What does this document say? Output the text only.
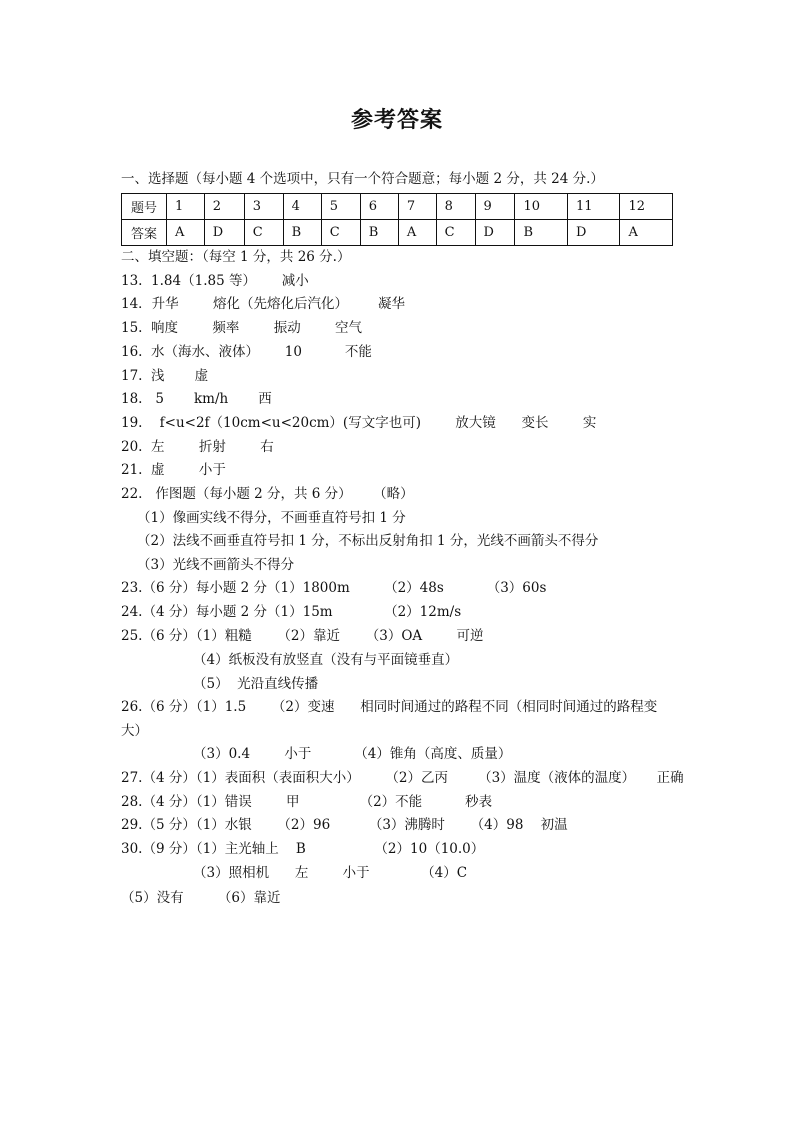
参考答案
一、选择题（每小题 4 个选项中，只有一个符合题意；每小题 2 分，共 24 分.）
题号	1	2	3	4	5	6	7	8	9	10	11	12
答案	A	D	C	B	C	B	A	C	D	B	D	A
二、填空题：（每空 1 分，共 26 分.）
13.  1.84（1.85 等）      减小
14．升华        熔化（先熔化后汽化）       凝华
15.  响度        频率        振动        空气
16.  水（海水、液体）      10          不能
17.  浅       虚
18.   5       km/h       西
19.    f<u<2f（10cm<u<20cm）(写文字也可)        放大镜      变长        实
20.  左        折射        右
21.  虚        小于
22.   作图题（每小题 2 分，共 6 分）     （略）
（1）像画实线不得分，不画垂直符号扣 1 分
（2）法线不画垂直符号扣 1 分，不标出反射角扣 1 分，光线不画箭头不得分
（3）光线不画箭头不得分
23.（6 分）每小题 2 分（1）1800m        （2）48s          （3）60s
24.（4 分）每小题 2 分（1）15m            （2）12m/s
25.（6 分）（1）粗糙      （2）靠近      （3）OA        可逆
（4）纸板没有放竖直（没有与平面镜垂直）
（5）  光沿直线传播
26.（6 分）（1）1.5      （2）变速      相同时间通过的路程不同（相同时间通过的路程变
大）
（3）0.4        小于          （4）锥角（高度、质量）
27.（4 分）（1）表面积（表面积大小）      （2）乙丙       （3）温度（液体的温度）     正确
28.（4 分）（1）错误        甲              （2）不能          秒表
29.（5 分）（1）水银      （2）96         （3）沸腾时      （4）98    初温
30.（9 分）（1）主光轴上    B                （2）10（10.0）
（3）照相机      左        小于            （4）C
（5）没有        （6）靠近
